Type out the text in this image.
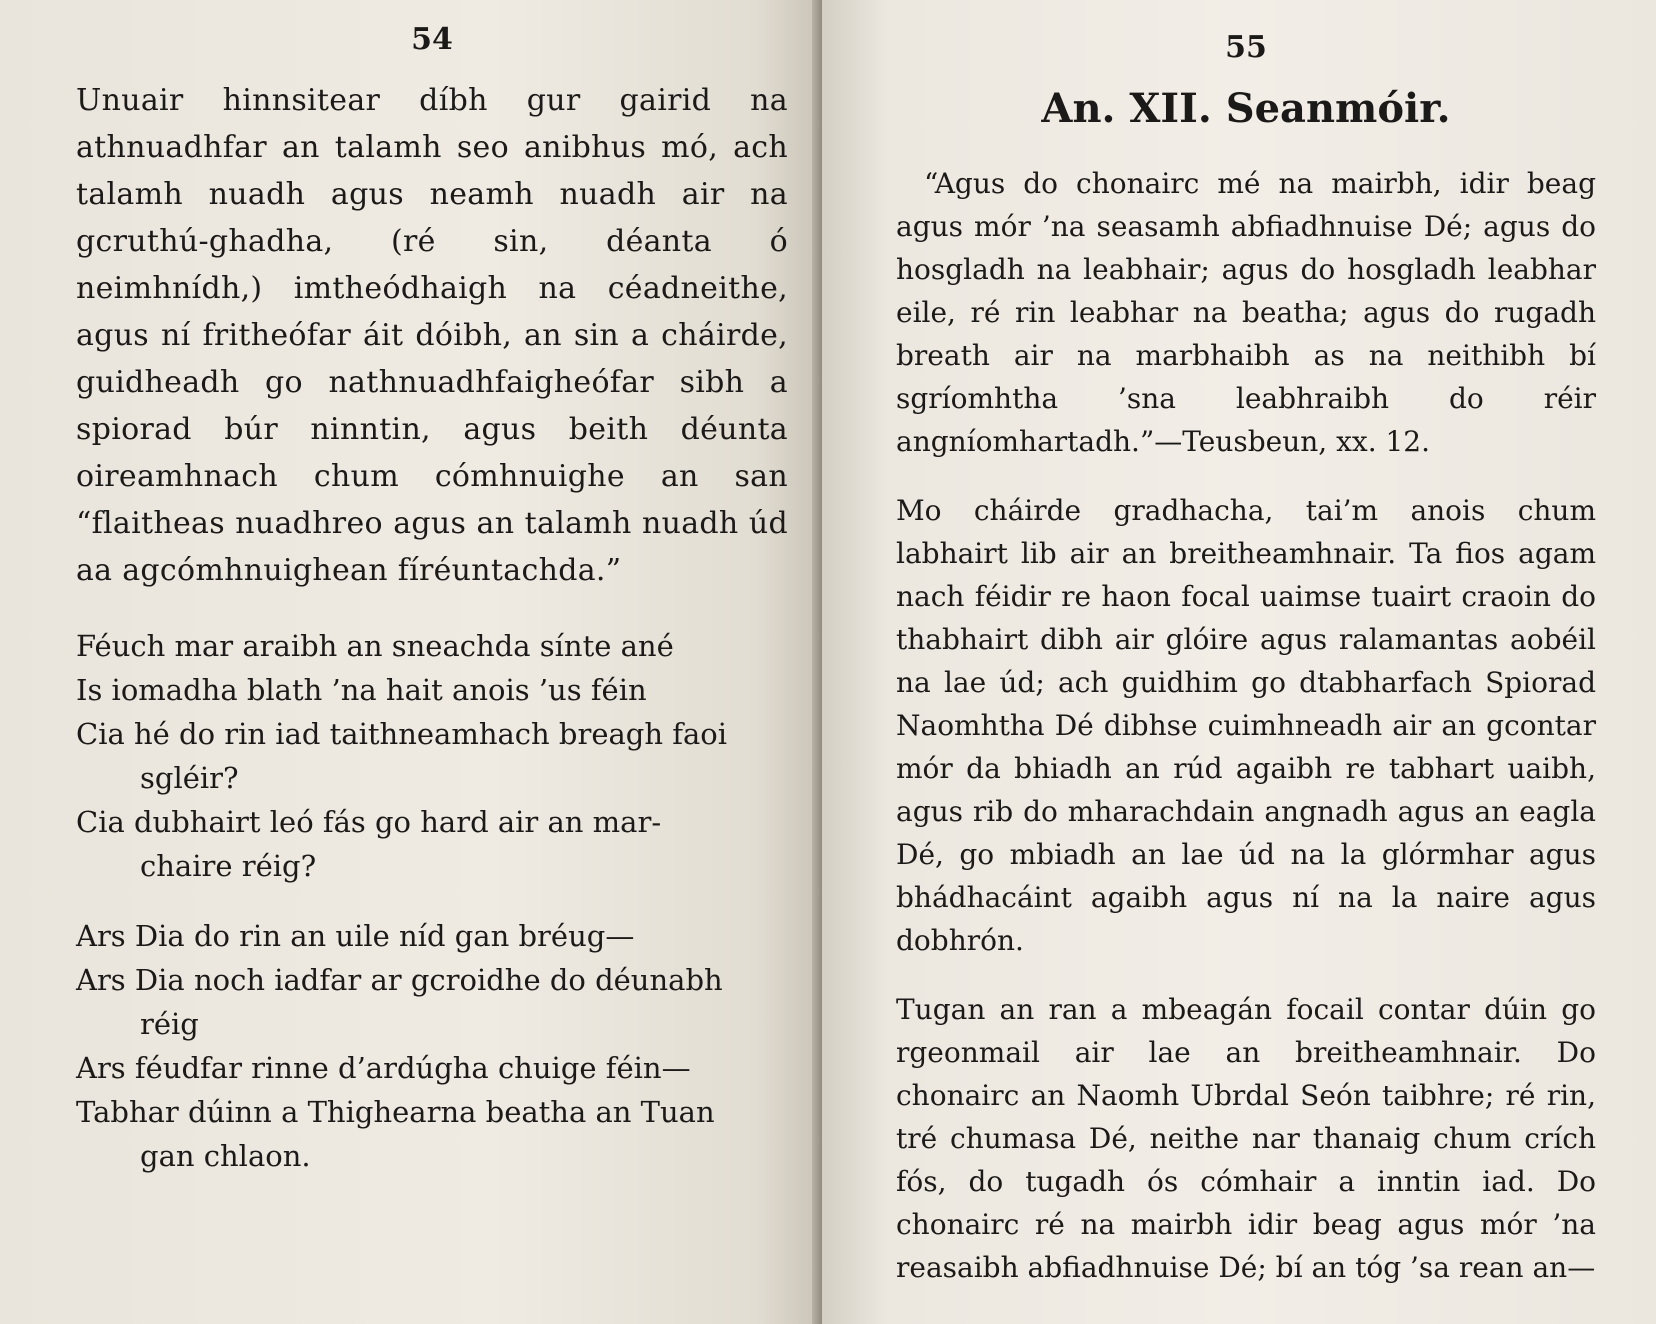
54

Unuair hinnsitear díbh gur gairid na athnuadhfar an talamh seo anibhus mó, ach talamh nuadh agus neamh nuadh air na gcruthú-ghadha, (ré sin, déanta ó neimhnídh,) imtheódhaigh na céadneithe, agus ní fritheófar áit dóibh, an sin a cháirde, guidheadh go nathnuadhfaigheófar sibh a spiorad búr ninntin, agus beith déunta oireamhnach chum cómhnuighe an san “flaitheas nuadhreo agus an talamh nuadh úd aa agcómhnuighean fíréuntachda.”

Féuch mar araibh an sneachda sínte ané
Is iomadha blath ’na hait anois ’us féin
Cia hé do rin iad taithneamhach breagh faoi
sgléir?
Cia dubhairt leó fás go hard air an mar-
chaire réig?
Ars Dia do rin an uile níd gan bréug—
Ars Dia noch iadfar ar gcroidhe do déunabh
réig
Ars féudfar rinne d’ardúgha chuige féin—
Tabhar dúinn a Thighearna beatha an Tuan
gan chlaon.
55
An. XII. Seanmóir.

“Agus do chonairc mé na mairbh, idir beag agus mór ’na seasamh abfiadhnuise Dé; agus do hosgladh na leabhair; agus do hosgladh leabhar eile, ré rin leabhar na beatha; agus do rugadh breath air na marbhaibh as na neithibh bí sgríomhtha ’sna leabhraibh do réir angníomhartadh.”—Teusbeun, xx. 12.

Mo cháirde gradhacha, tai’m anois chum labhairt lib air an breitheamhnair. Ta fios agam nach féidir re haon focal uaimse tuairt craoin do thabhairt dibh air glóire agus ralamantas aobéil na lae úd; ach guidhim go dtabharfach Spiorad Naomhtha Dé dibhse cuimhneadh air an gcontar mór da bhiadh an rúd agaibh re tabhart uaibh, agus rib do mharachdain angnadh agus an eagla Dé, go mbiadh an lae úd na la glórmhar agus bhádhacáint agaibh agus ní na la naire agus dobhrón.

Tugan an ran a mbeagán focail contar dúin go rgeonmail air lae an breitheamhnair. Do chonairc an Naomh Ubrdal Seón taibhre; ré rin, tré chumasa Dé, neithe nar thanaig chum crích fós, do tugadh ós cómhair a inntin iad. Do chonairc ré na mairbh idir beag agus mór ’na reasaibh abfiadhnuise Dé; bí an tóg ’sa rean an—
